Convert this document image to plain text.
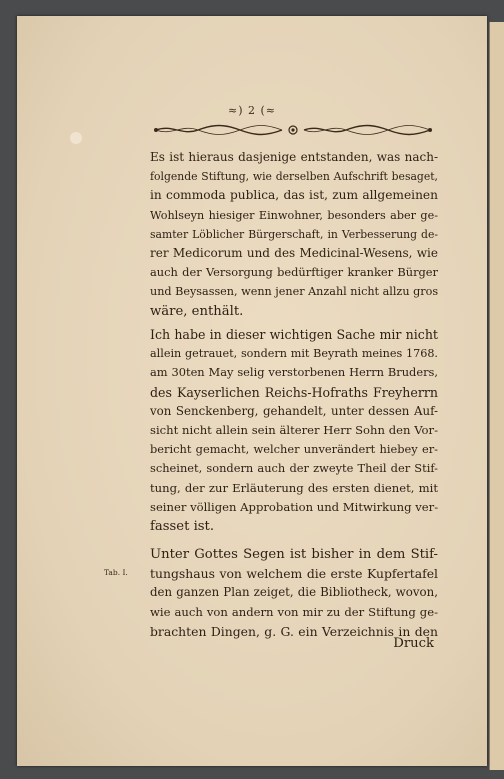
≈) 2 (≈
Es ist hieraus dasjenige entstanden, was nach-
folgende Stiftung, wie derselben Aufschrift besaget,
in commoda publica, das ist, zum allgemeinen
Wohlseyn hiesiger Einwohner, besonders aber ge-
samter Löblicher Bürgerschaft, in Verbesserung de-
rer Medicorum und des Medicinal-Wesens, wie
auch der Versorgung bedürftiger kranker Bürger
und Beysassen, wenn jener Anzahl nicht allzu gros
wäre, enthält.
Ich habe in dieser wichtigen Sache mir nicht
allein getrauet, sondern mit Beyrath meines 1768.
am 30ten May selig verstorbenen Herrn Bruders,
des Kayserlichen Reichs-Hofraths Freyherrn
von Senckenberg, gehandelt, unter dessen Auf-
sicht nicht allein sein älterer Herr Sohn den Vor-
bericht gemacht, welcher unverändert hiebey er-
scheinet, sondern auch der zweyte Theil der Stif-
tung, der zur Erläuterung des ersten dienet, mit
seiner völligen Approbation und Mitwirkung ver-
fasset ist.
Tab. I.
Unter Gottes Segen ist bisher in dem Stif-
tungshaus von welchem die erste Kupfertafel
den ganzen Plan zeiget, die Bibliotheck, wovon,
wie auch von andern von mir zu der Stiftung ge-
brachten Dingen, g. G. ein Verzeichnis in den
Druck
